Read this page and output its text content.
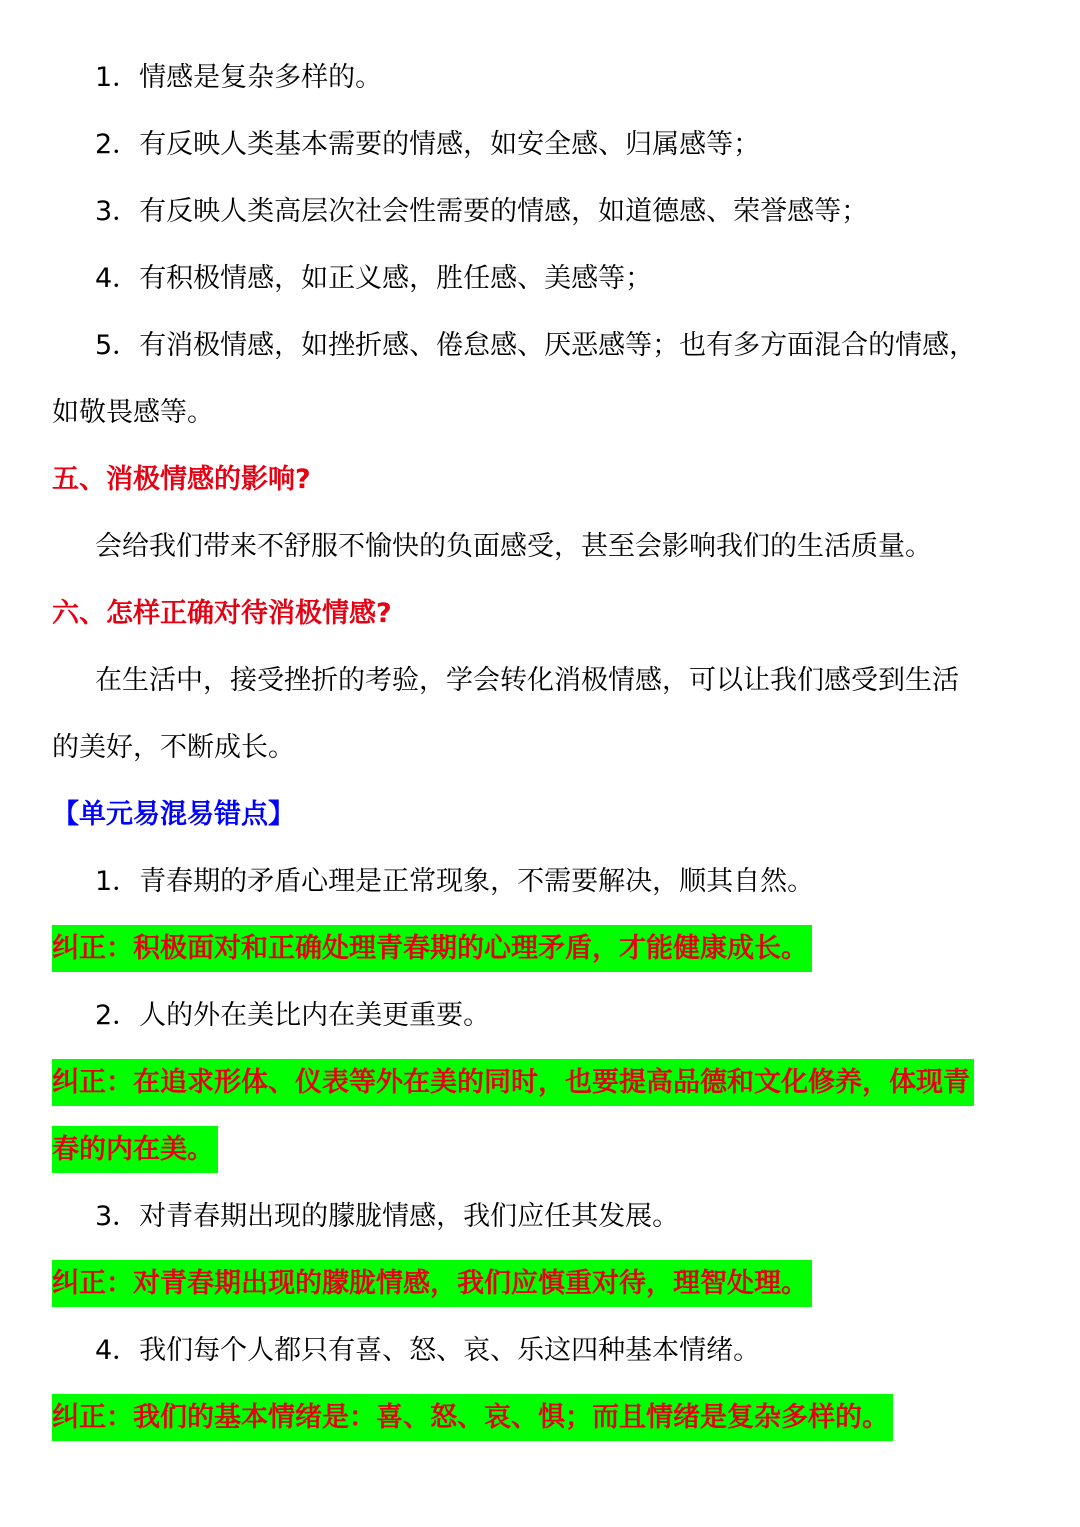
1．情感是复杂多样的。
2．有反映人类基本需要的情感，如安全感、归属感等；
3．有反映人类高层次社会性需要的情感，如道德感、荣誉感等；
4．有积极情感，如正义感，胜任感、美感等；
5．有消极情感，如挫折感、倦怠感、厌恶感等；也有多方面混合的情感，
如敬畏感等。
五、消极情感的影响?
会给我们带来不舒服不愉快的负面感受，甚至会影响我们的生活质量。
六、怎样正确对待消极情感?
在生活中，接受挫折的考验，学会转化消极情感，可以让我们感受到生活
的美好，不断成长。
【单元易混易错点】
1．青春期的矛盾心理是正常现象，不需要解决，顺其自然。
纠正：积极面对和正确处理青春期的心理矛盾，才能健康成长。
2．人的外在美比内在美更重要。
纠正：在追求形体、仪表等外在美的同时，也要提高品德和文化修养，体现青
春的内在美。
3．对青春期出现的朦胧情感，我们应任其发展。
纠正：对青春期出现的朦胧情感，我们应慎重对待，理智处理。
4．我们每个人都只有喜、怒、哀、乐这四种基本情绪。
纠正：我们的基本情绪是：喜、怒、哀、惧；而且情绪是复杂多样的。
